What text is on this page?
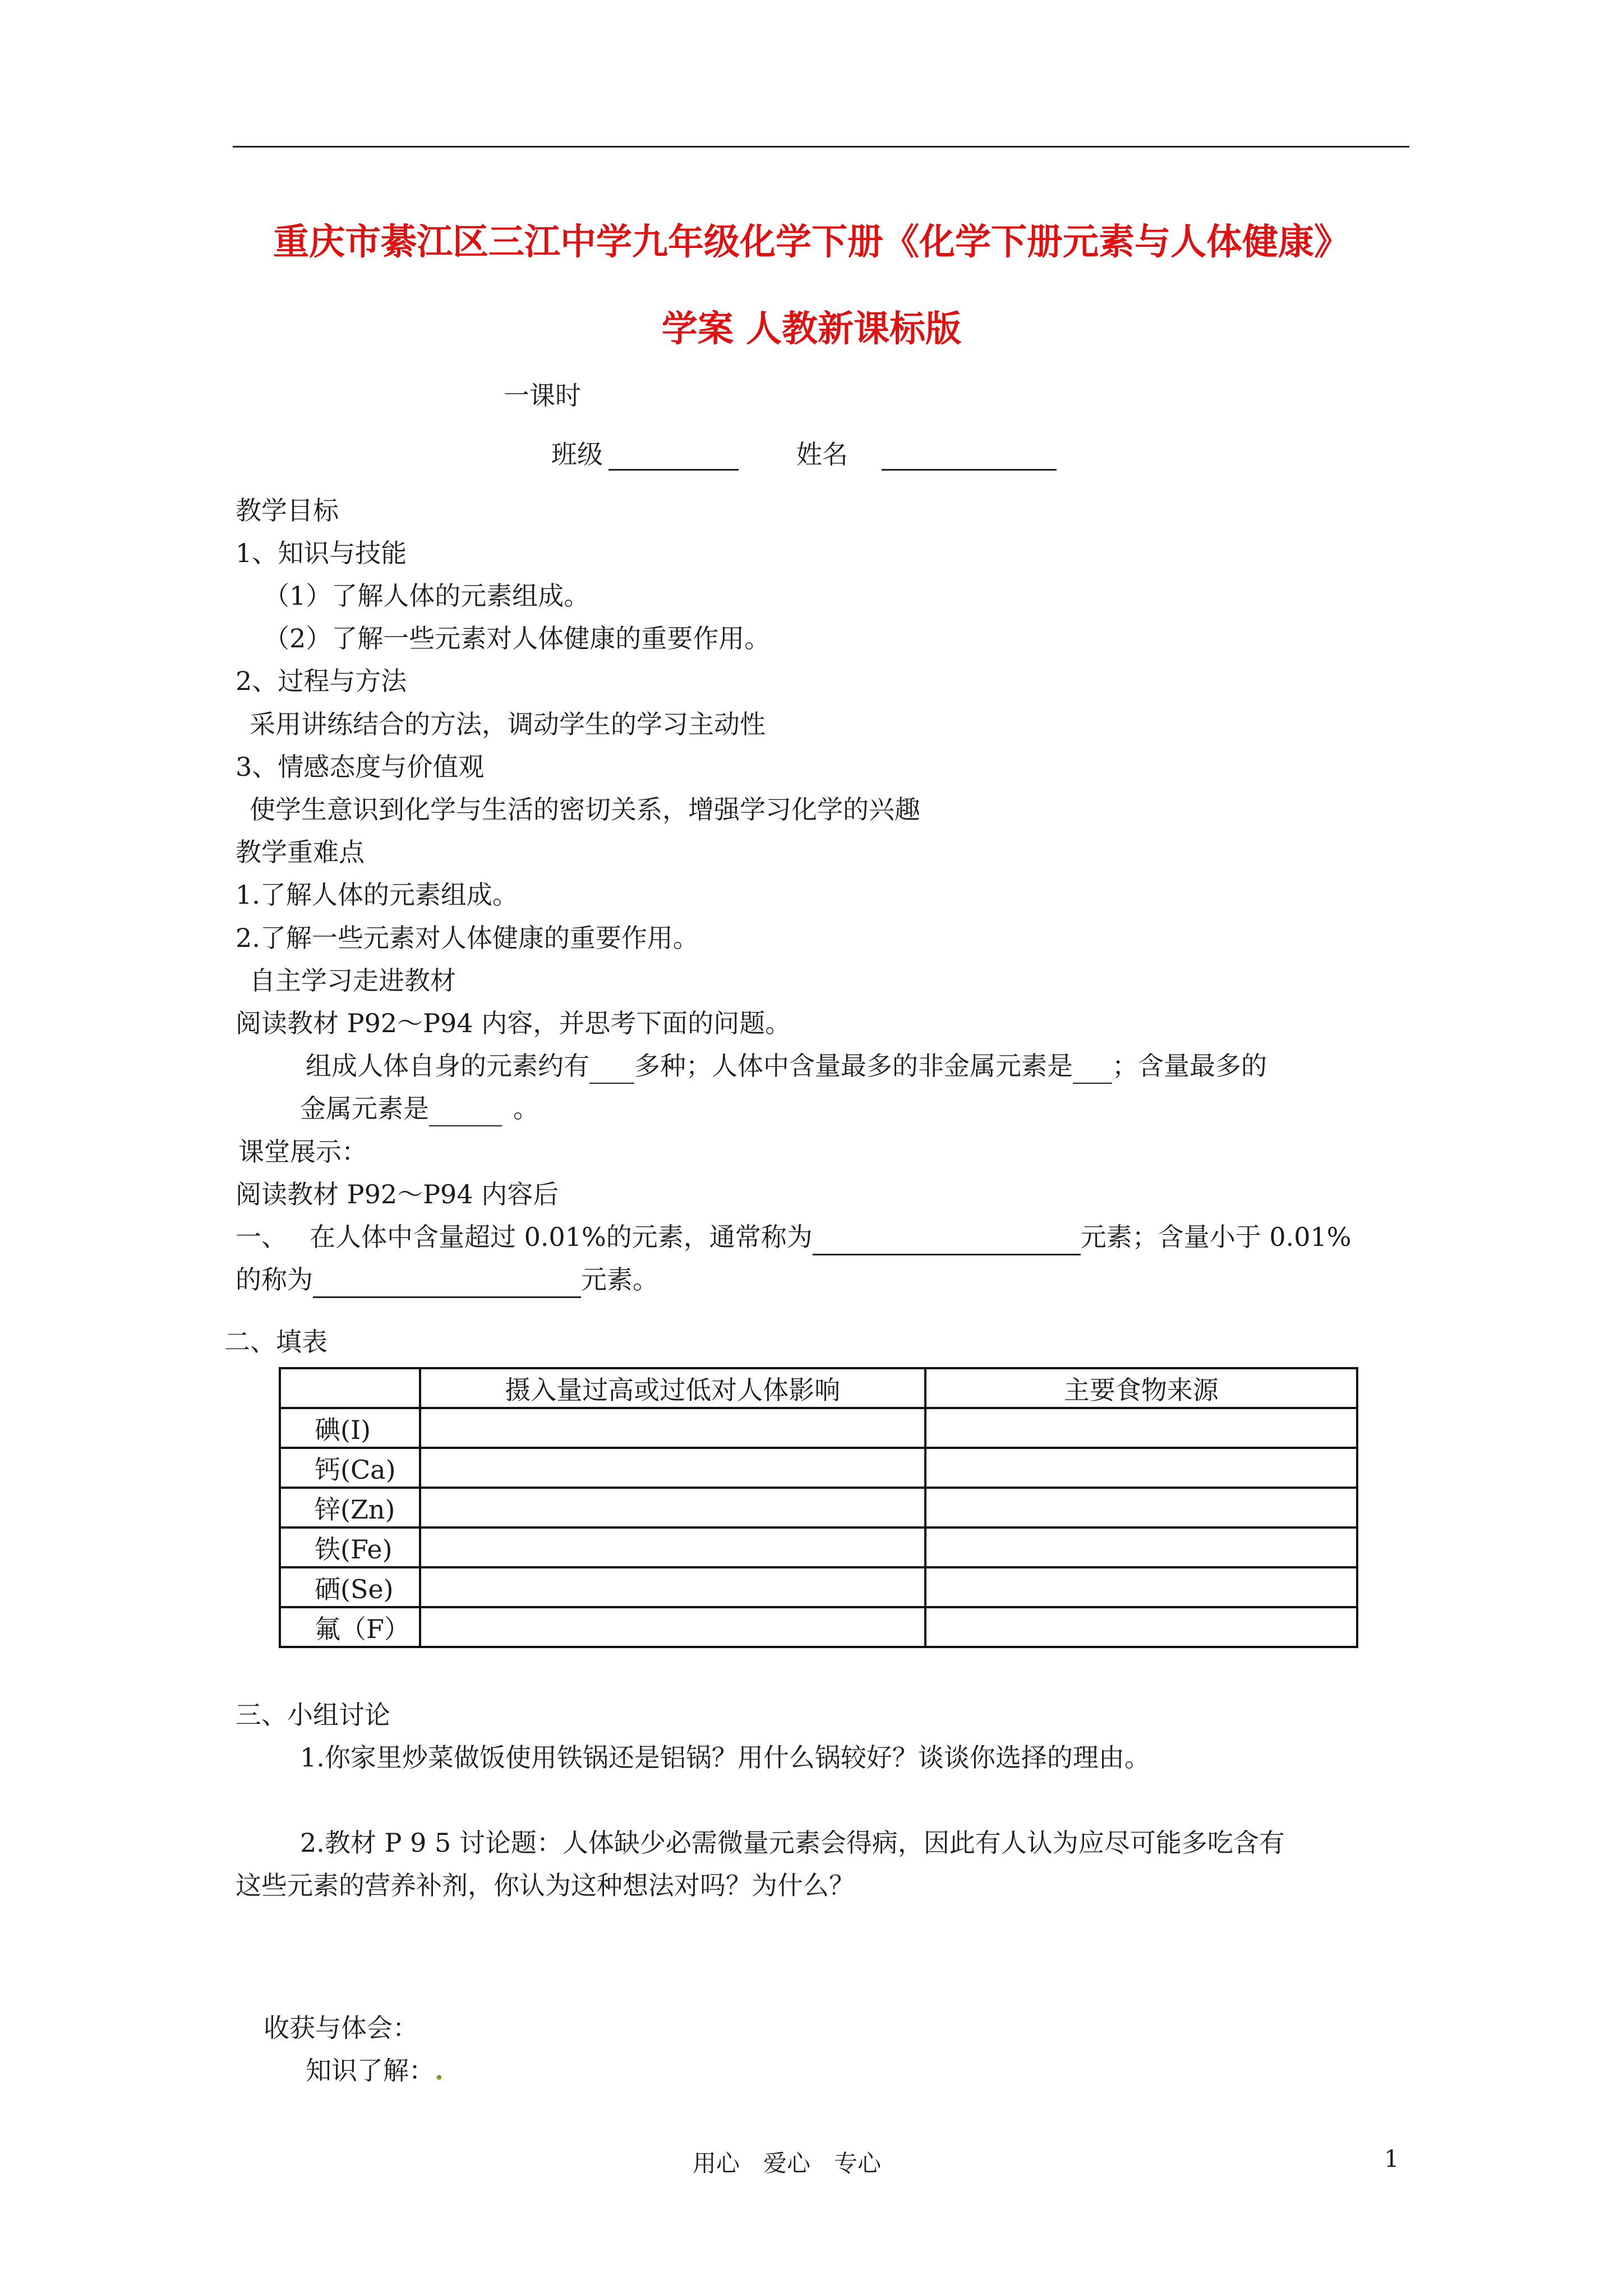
重庆市綦江区三江中学九年级化学下册《化学下册元素与人体健康》
学案 人教新课标版
一课时
班级	姓名
教学目标
1、知识与技能
（1）了解人体的元素组成。
（2）了解一些元素对人体健康的重要作用。
2、过程与方法
采用讲练结合的方法，调动学生的学习主动性
3、情感态度与价值观
使学生意识到化学与生活的密切关系，增强学习化学的兴趣
教学重难点
1.了解人体的元素组成。
2.了解一些元素对人体健康的重要作用。
自主学习走进教材
阅读教材 P92～P94 内容，并思考下面的问题。
组成人体自身的元素约有 多种；人体中含量最多的非金属元素是 ；含量最多的
金属元素是	。
课堂展示：
阅读教材 P92～P94 内容后
一、 在人体中含量超过 0.01%的元素，通常称为	元素；含量小于 0.01%
的称为	元素。
二、填表
	摄入量过高或过低对人体影响	主要食物来源
碘(I)		
钙(Ca)		
锌(Zn)		
铁(Fe)		
硒(Se)		
氟（F）		
三、小组讨论
1.你家里炒菜做饭使用铁锅还是铝锅？用什么锅较好？谈谈你选择的理由。
2.教材 P 9 5 讨论题：人体缺少必需微量元素会得病，因此有人认为应尽可能多吃含有
这些元素的营养补剂，你认为这种想法对吗？为什么？
收获与体会：
知识了解：.
用心　爱心　专心	1
